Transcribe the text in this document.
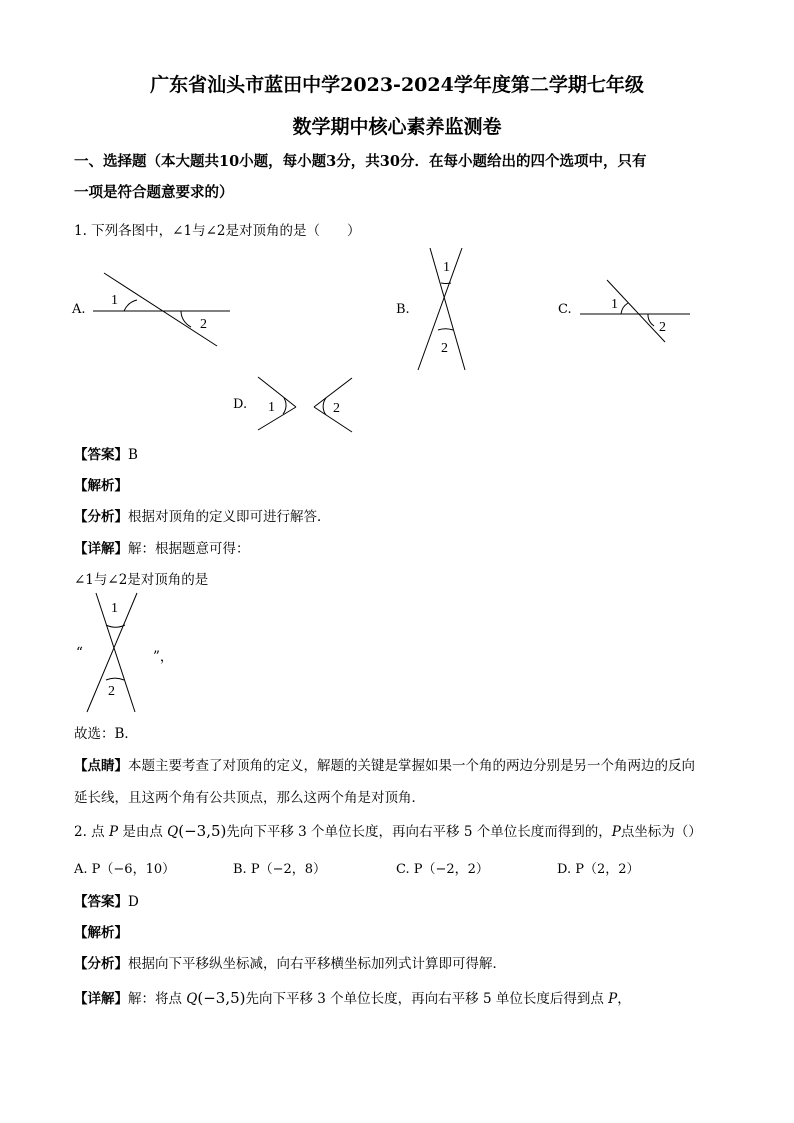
广东省汕头市蓝田中学2023-2024学年度第二学期七年级
数学期中核心素养监测卷
一、选择题（本大题共10小题，每小题3分，共30分．在每小题给出的四个选项中，只有
一项是符合题意要求的）
1. 下列各图中，∠1与∠2是对顶角的是（　　）
A.
1
2
1
2
1
2
1	2
B.	C.
D.
【答案】B
【解析】
【分析】根据对顶角的定义即可进行解答．
【详解】解：根据题意可得：
∠1与∠2是对顶角的是
“
1
2
”，
故选：B．
【点睛】本题主要考查了对顶角的定义，解题的关键是掌握如果一个角的两边分别是另一个角两边的反向
延长线，且这两个角有公共顶点，那么这两个角是对顶角．
2. 点 P 是由点 Q(−3,5)先向下平移 3 个单位长度，再向右平移 5 个单位长度而得到的，P点坐标为（）
A. P（−6，10）	B. P（−2，8）	C. P（−2，2）	D. P（2，2）
【答案】D
【解析】
【分析】根据向下平移纵坐标减，向右平移横坐标加列式计算即可得解．
【详解】解：将点 Q(−3,5)先向下平移 3 个单位长度，再向右平移 5 单位长度后得到点 P，
